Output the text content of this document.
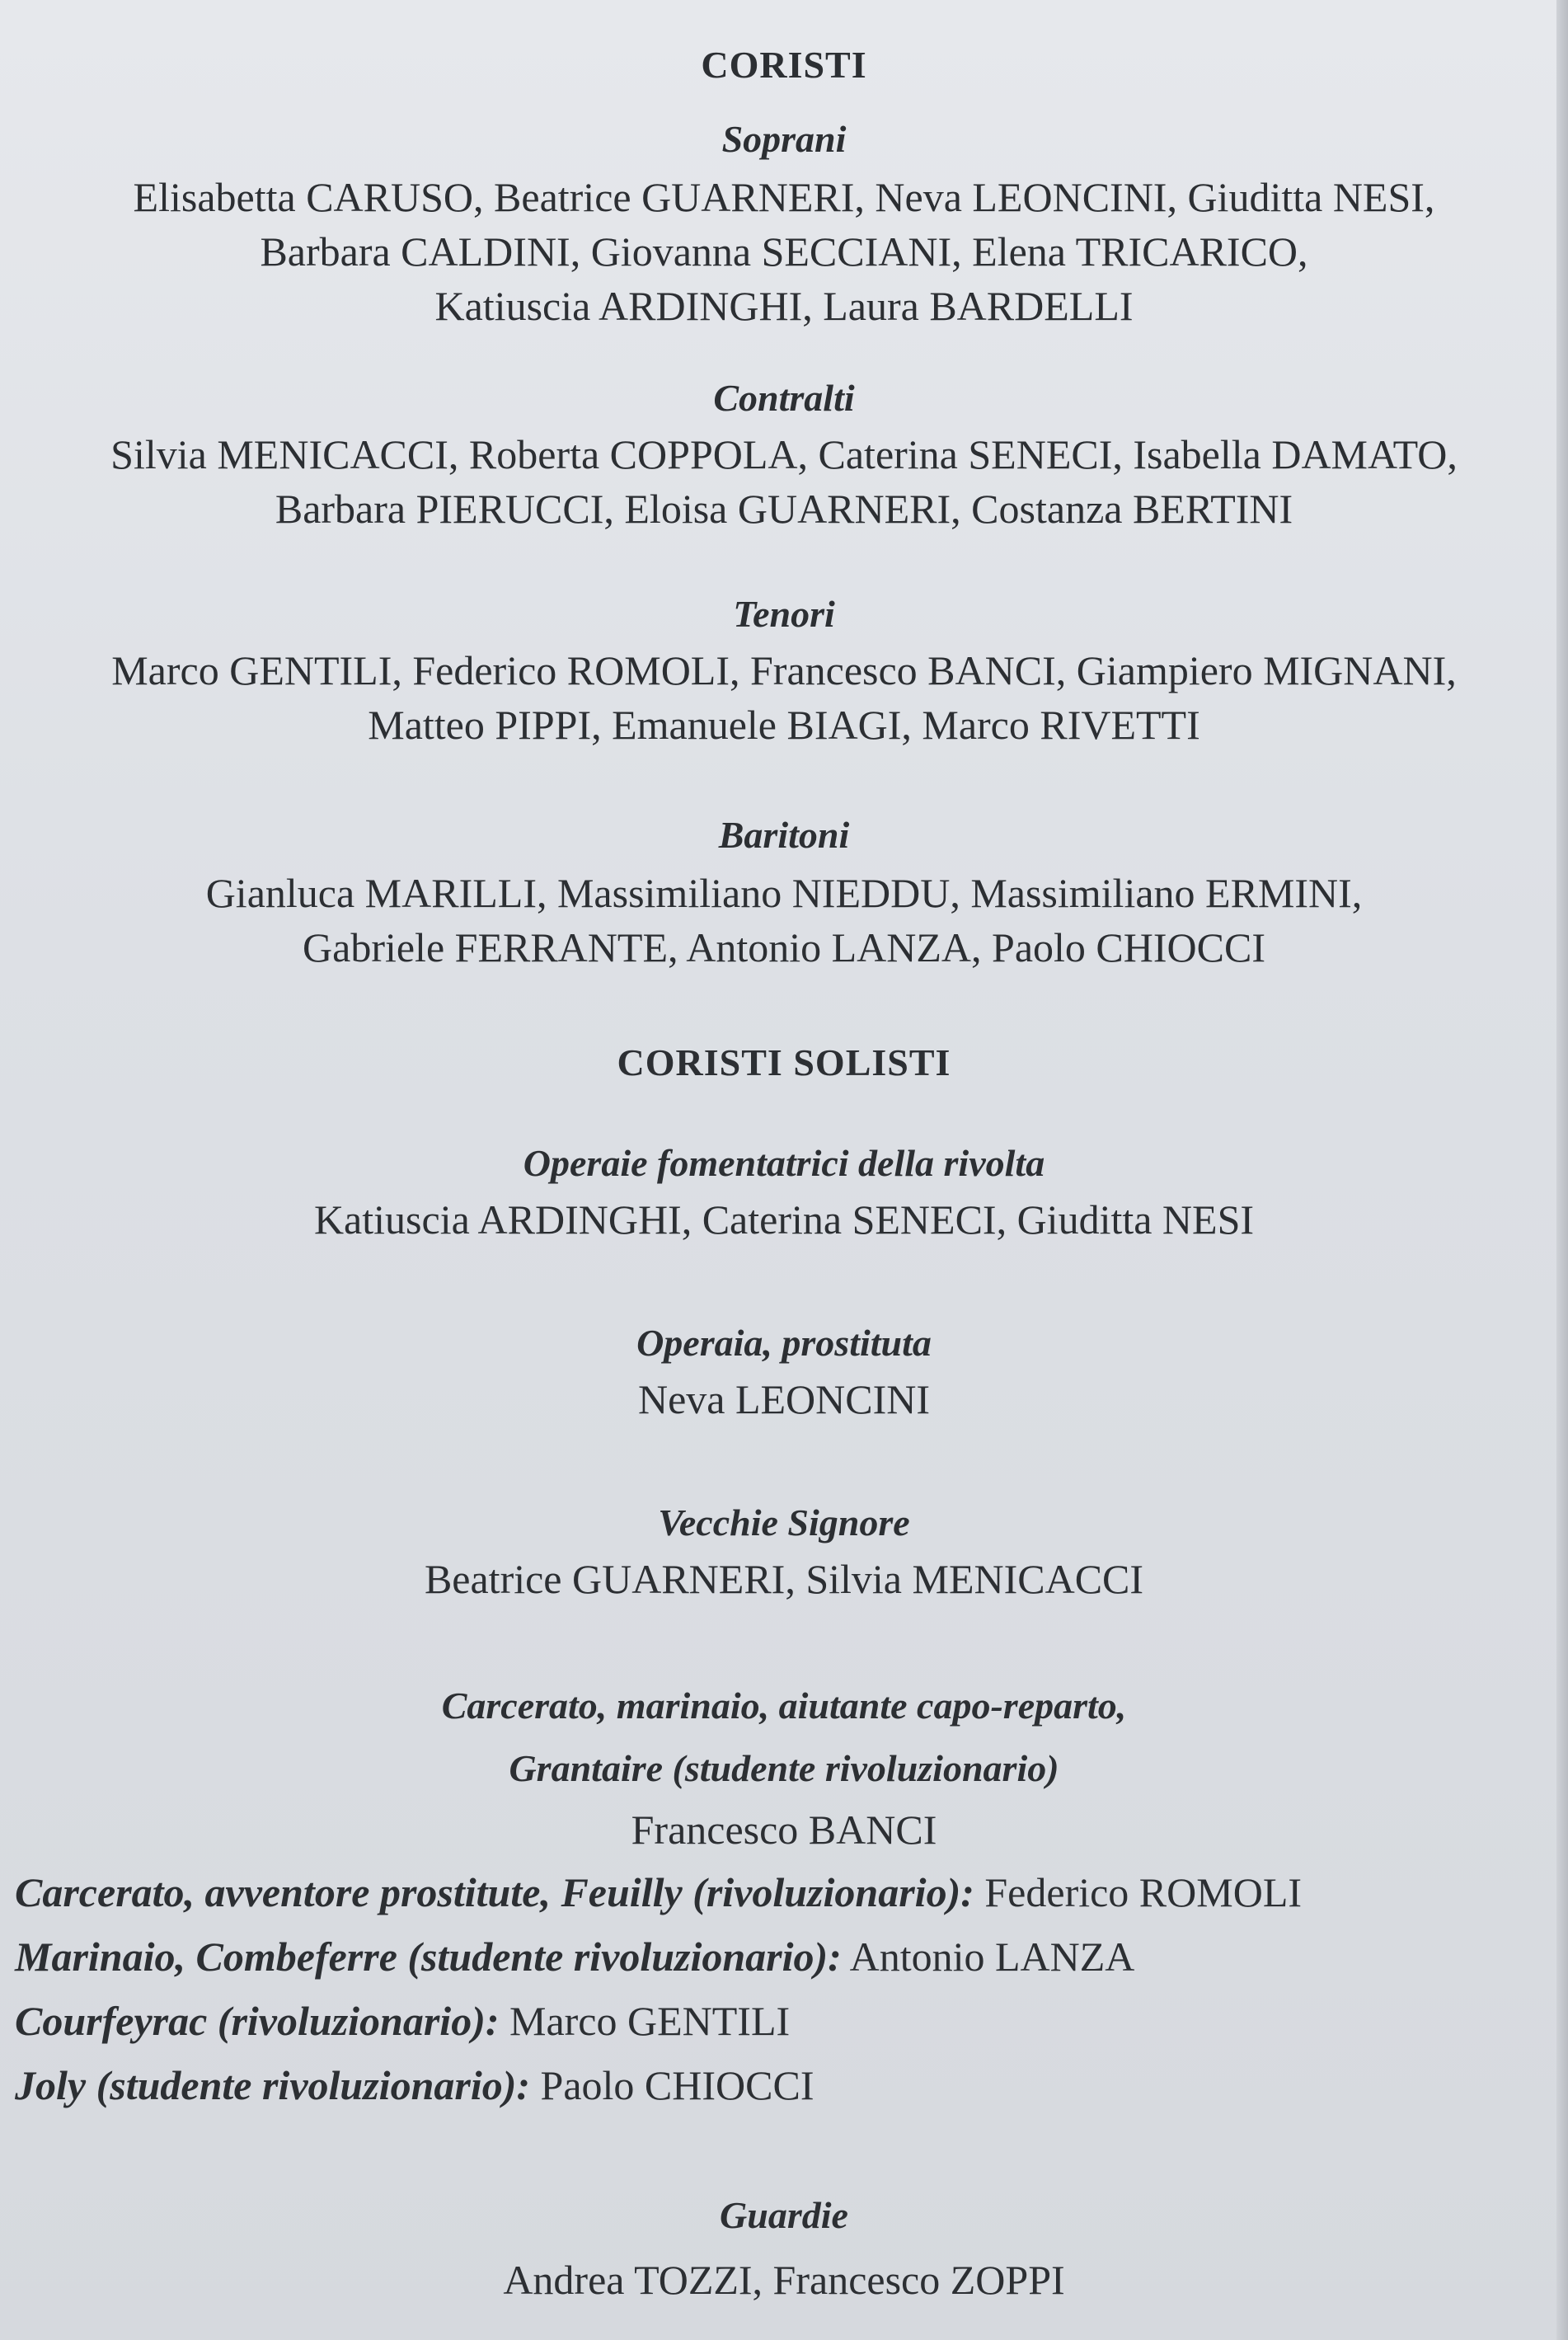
CORISTI
Soprani
Elisabetta CARUSO, Beatrice GUARNERI, Neva LEONCINI, Giuditta NESI,
Barbara CALDINI, Giovanna SECCIANI, Elena TRICARICO,
Katiuscia ARDINGHI, Laura BARDELLI
Contralti
Silvia MENICACCI, Roberta COPPOLA, Caterina SENECI, Isabella DAMATO,
Barbara PIERUCCI, Eloisa GUARNERI, Costanza BERTINI
Tenori
Marco GENTILI, Federico ROMOLI, Francesco BANCI, Giampiero MIGNANI,
Matteo PIPPI, Emanuele BIAGI, Marco RIVETTI
Baritoni
Gianluca MARILLI, Massimiliano NIEDDU, Massimiliano ERMINI,
Gabriele FERRANTE, Antonio LANZA, Paolo CHIOCCI
CORISTI SOLISTI
Operaie fomentatrici della rivolta
Katiuscia ARDINGHI, Caterina SENECI, Giuditta NESI
Operaia, prostituta
Neva LEONCINI
Vecchie Signore
Beatrice GUARNERI, Silvia MENICACCI
Carcerato, marinaio, aiutante capo-reparto,
Grantaire (studente rivoluzionario)
Francesco BANCI
Carcerato, avventore prostitute, Feuilly (rivoluzionario): Federico ROMOLI
Marinaio, Combeferre (studente rivoluzionario): Antonio LANZA
Courfeyrac (rivoluzionario): Marco GENTILI
Joly (studente rivoluzionario): Paolo CHIOCCI
Guardie
Andrea TOZZI, Francesco ZOPPI
